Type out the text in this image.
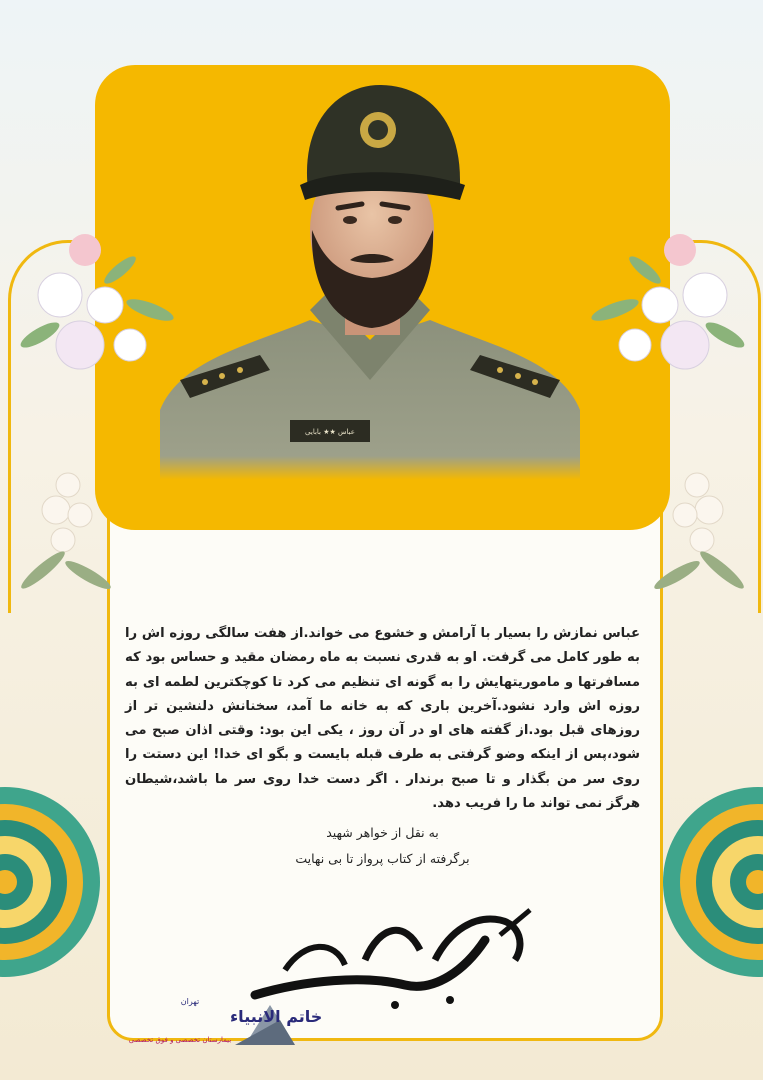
عباس ★★ بابایی
عباس نمازش را بسیار با آرامش و خشوع می خواند.از هفت سالگی روزه اش را به طور کامل می گرفت. او به قدری نسبت به ماه رمضان مقید و حساس بود که مسافرتها و ماموریتهایش را به گونه ای تنظیم می کرد تا کوچکترین لطمه ای به روزه اش وارد نشود.آخرین باری که به خانه ما آمد، سخنانش دلنشین تر از روزهای قبل بود.از گفته های او در آن روز ، یکی این بود: وقتی اذان صبح می شود،پس از اینکه وضو گرفتی به طرف قبله بایست و بگو ای خدا! این دستت را روی سر من بگذار و تا صبح برندار . اگر دست خدا روی سر ما باشد،شیطان هرگز نمی تواند ما را فریب دهد.
به نقل از خواهر شهید
برگرفته از کتاب پرواز تا بی نهایت
خاتم الانبیاء
تهران
بیمارستان تخصصی و فوق تخصصی
